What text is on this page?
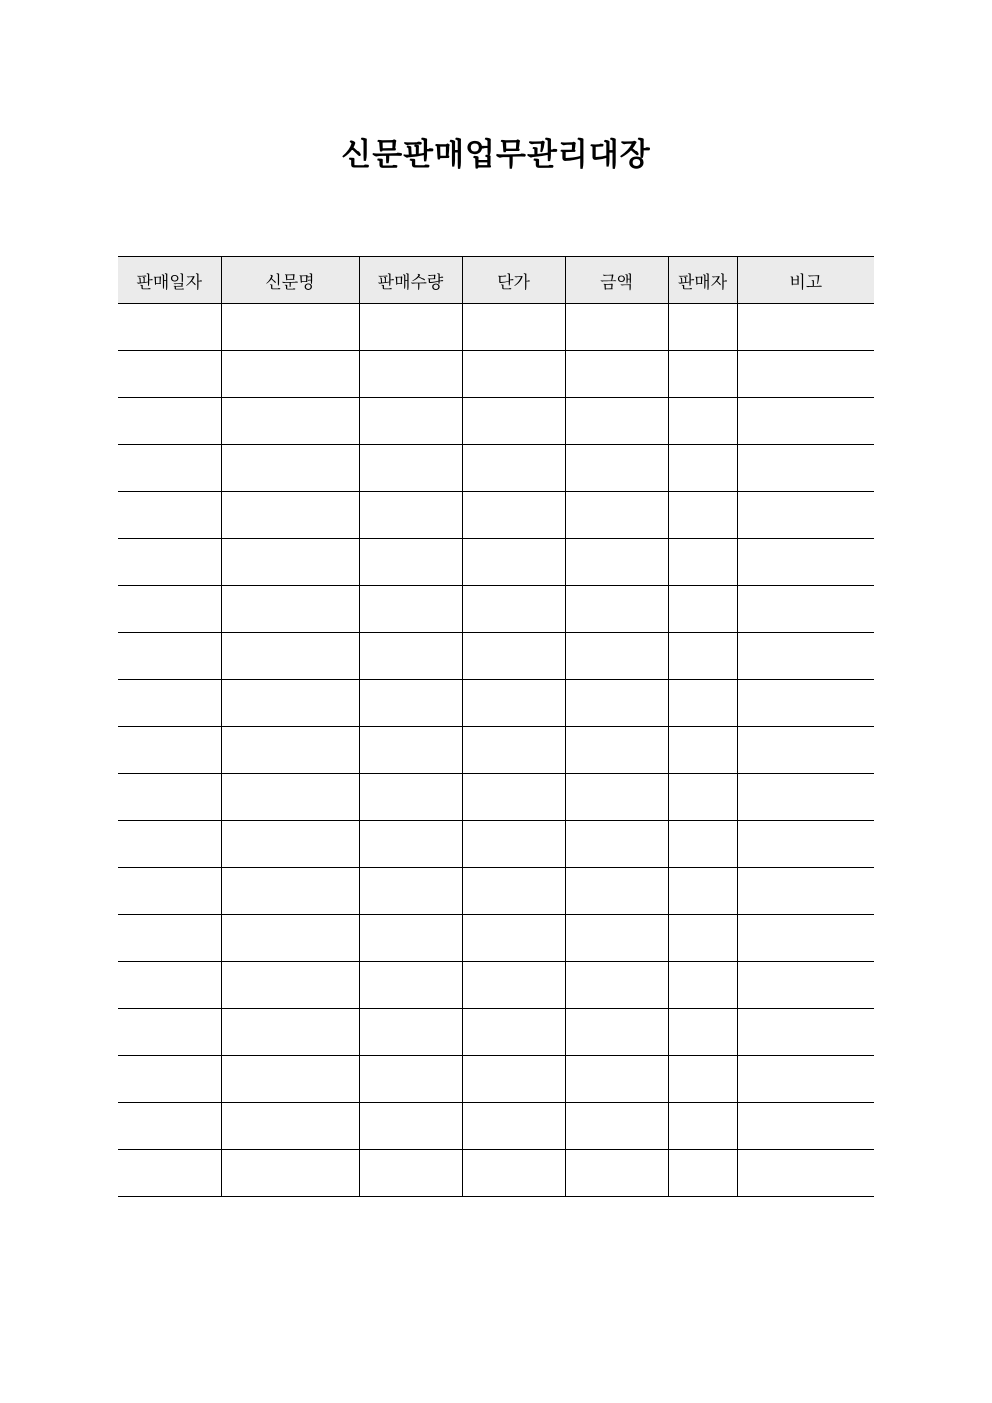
신문판매업무관리대장
판매일자	신문명	판매수량	단가	금액	판매자	비고
